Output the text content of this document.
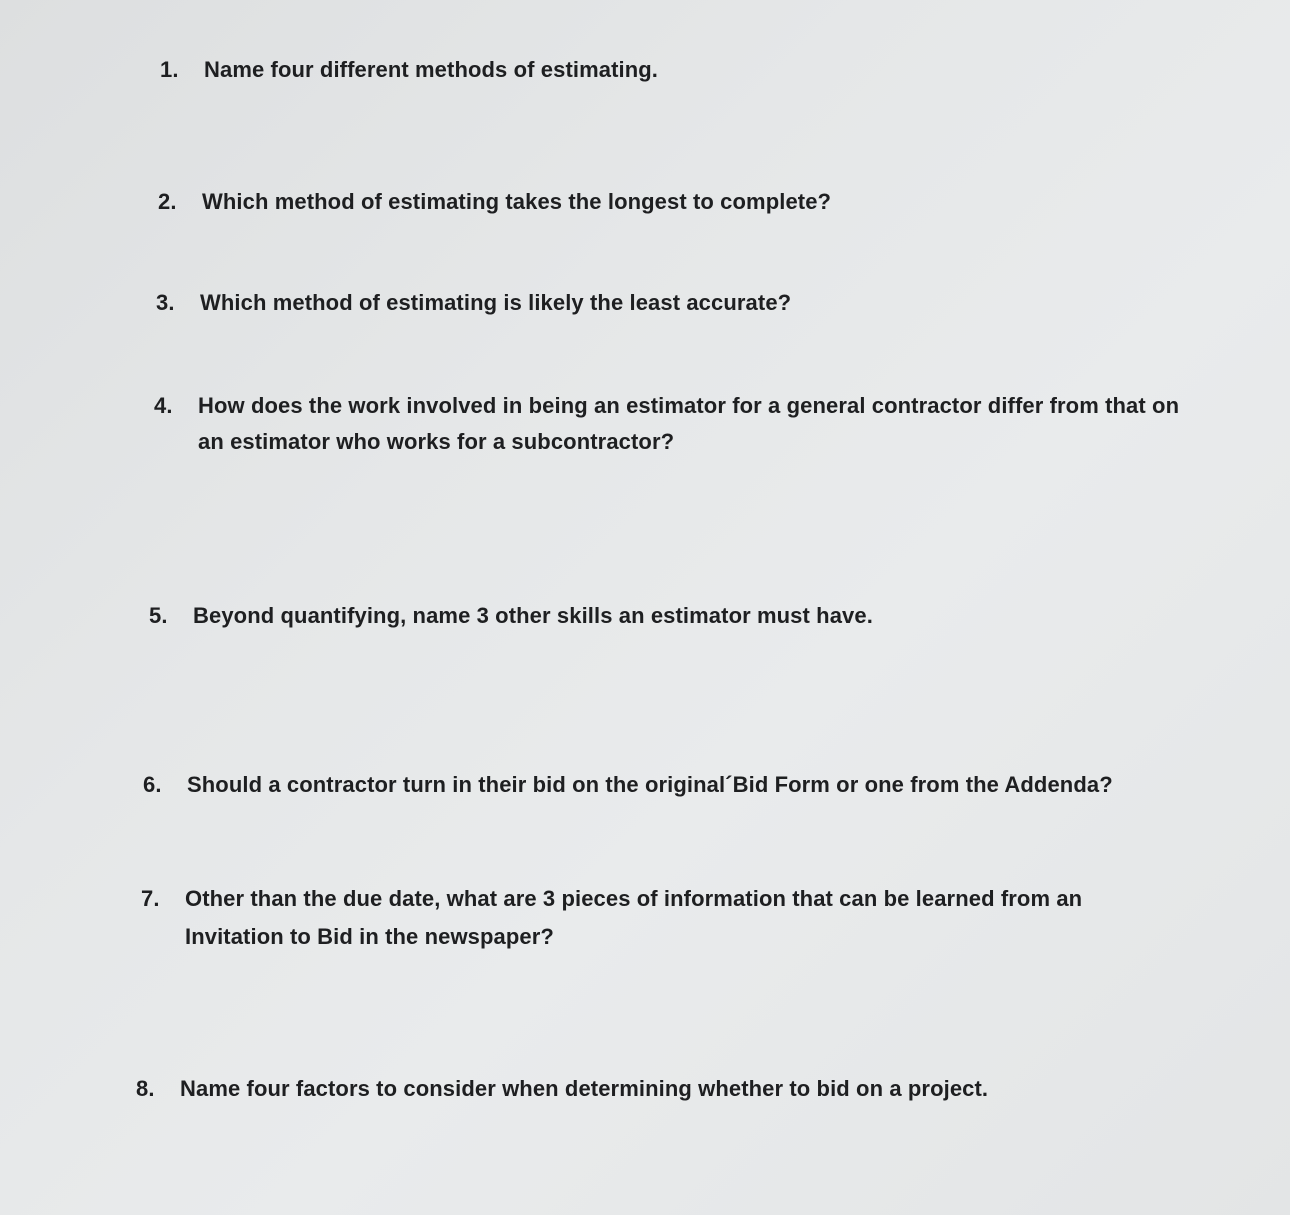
1. Name four different methods of estimating.
2. Which method of estimating takes the longest to complete?
3. Which method of estimating is likely the least accurate?
4. How does the work involved in being an estimator for a general contractor differ from that on
an estimator who works for a subcontractor?
5. Beyond quantifying, name 3 other skills an estimator must have.
6. Should a contractor turn in their bid on the original´Bid Form or one from the Addenda?
7. Other than the due date, what are 3 pieces of information that can be learned from an
Invitation to Bid in the newspaper?
8. Name four factors to consider when determining whether to bid on a project.
